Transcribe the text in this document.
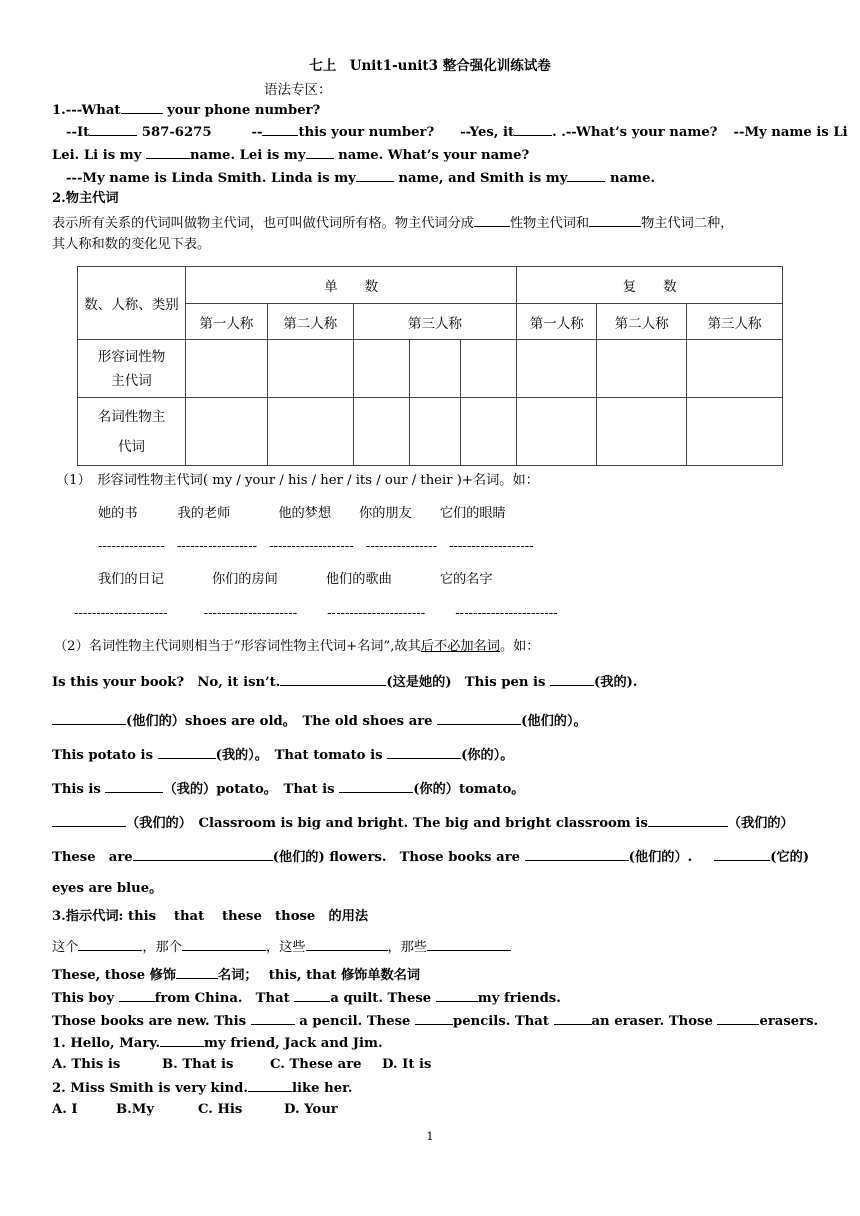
七上　Unit1-unit3 整合强化训练试卷
语法专区：
1.---What	your phone number?
--It	587-6275	--	this your number? --Yes, it	. .--What’s your name? --My name is Li
Lei. Li is my	name. Lei is my name. What’s your name?
---My name is Linda Smith. Linda is my	name, and Smith is my	name.
2.物主代词
表示所有关系的代词叫做物主代词，也可叫做代词所有格。物主代词分成	性物主代词和	物主代词二种，
其人称和数的变化见下表。
数、人称、类别	单　　数					复　　数		
	第一人称	第二人称	第三人称			第一人称	第二人称	第三人称
形容词性物主代词								
名词性物主代词								
（1）　形容词性物主代词( my / your / his / her / its / our / their )+名词。如：
她的书	我的老师	他的梦想 你的朋友 它们的眼睛
--------------- ------------------ ------------------- ---------------- -------------------
我们的日记	你们的房间	他们的歌曲	它的名字
---------------------	--------------------- ---------------------- -----------------------
（2）名词性物主代词则相当于“形容词性物主代词+名词”,故其后不必加名词。如：
Is this your book?　No, it isn’t.	(这是她的)　This pen is	(我的).
(他们的）shoes are old。　The old shoes are	(他们的）。
This potato is	(我的）。　That tomato is	(你的）。
This is	（我的）potato。　That is	(你的）tomato。
（我们的）　Classroom is big and bright. The big and bright classroom is	（我们的）
These　are	(他们的) flowers.　Those books are	(他们的）.	(它的)
eyes are blue。
3.指示代词: this　 that　 these　those　的用法
这个	，那个	，这些	，那些
These, those 修饰	名词；　 this, that 修饰单数名词
This boy	from China.　That	a quilt. These	my friends.
Those books are new. This	a pencil. These	pencils. That	an eraser. Those	erasers.
1. Hello, Mary.	my friend, Jack and Jim.
A. This is	B. That is	C. These are D. It is
2. Miss Smith is very kind.	like her.
A. I	B.My	C. His	D. Your
1
